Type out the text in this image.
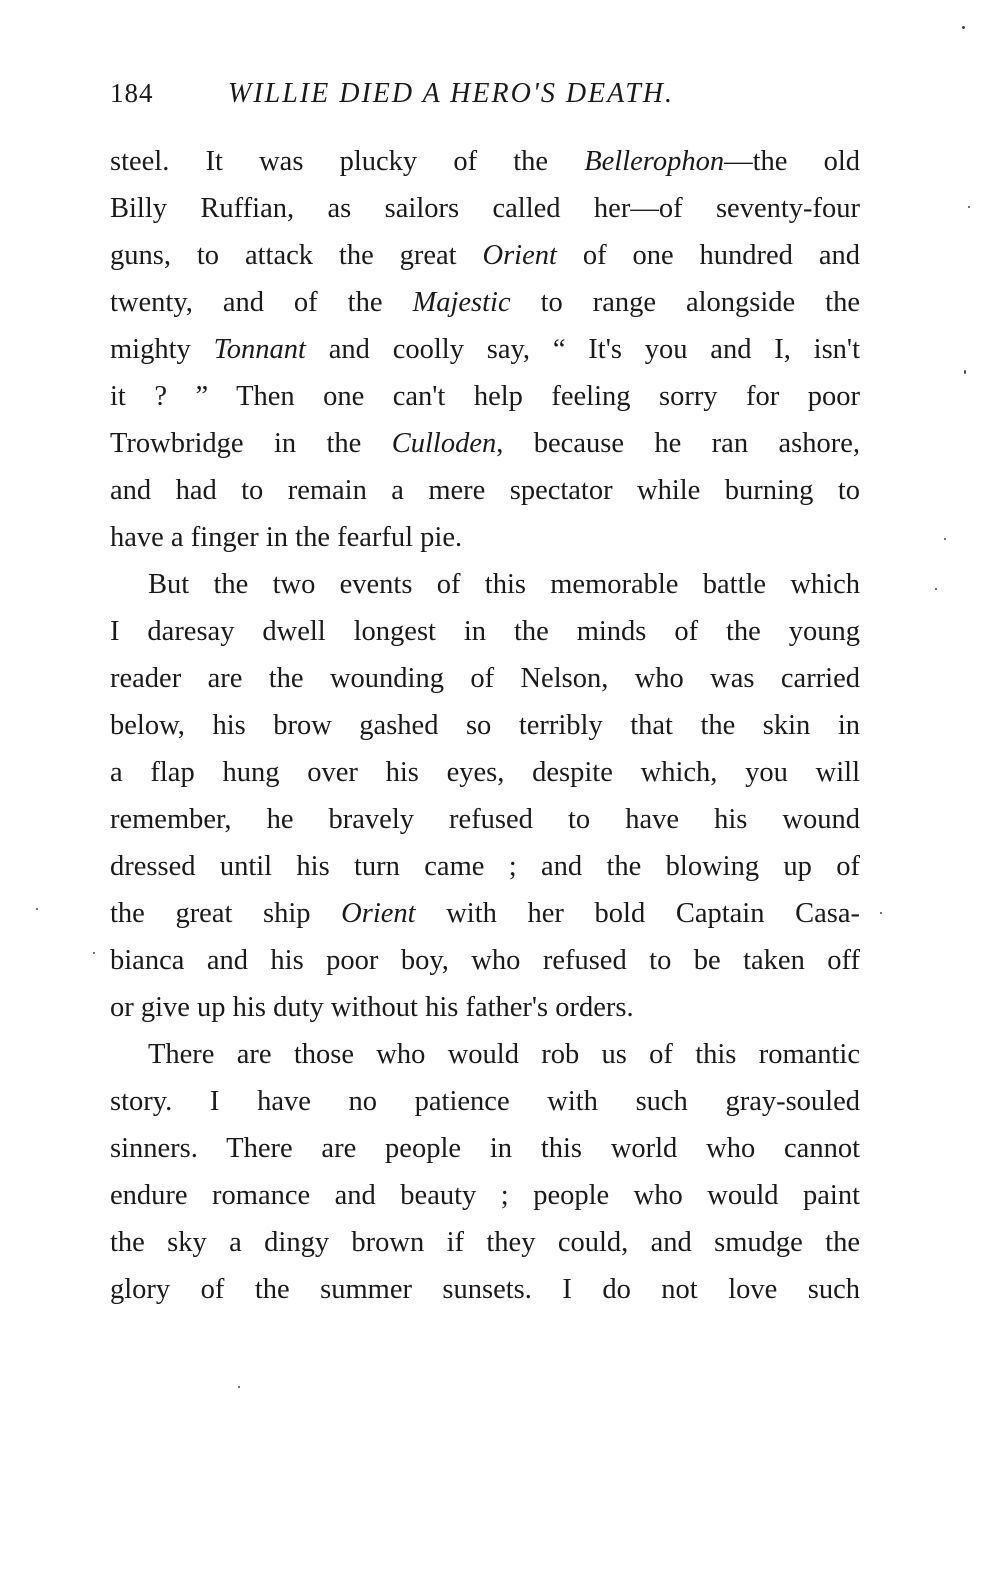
184	WILLIE DIED A HERO'S DEATH.
steel. It was plucky of the Bellerophon—the old
Billy Ruffian, as sailors called her—of seventy-four
guns, to attack the great Orient of one hundred and
twenty, and of the Majestic to range alongside the
mighty Tonnant and coolly say, “ It's you and I, isn't
it ? ” Then one can't help feeling sorry for poor
Trowbridge in the Culloden, because he ran ashore,
and had to remain a mere spectator while burning to
have a finger in the fearful pie.
But the two events of this memorable battle which
I daresay dwell longest in the minds of the young
reader are the wounding of Nelson, who was carried
below, his brow gashed so terribly that the skin in
a flap hung over his eyes, despite which, you will
remember, he bravely refused to have his wound
dressed until his turn came ; and the blowing up of
the great ship Orient with her bold Captain Casa-
bianca and his poor boy, who refused to be taken off
or give up his duty without his father's orders.
There are those who would rob us of this romantic
story. I have no patience with such gray-souled
sinners. There are people in this world who cannot
endure romance and beauty ; people who would paint
the sky a dingy brown if they could, and smudge the
glory of the summer sunsets. I do not love such
